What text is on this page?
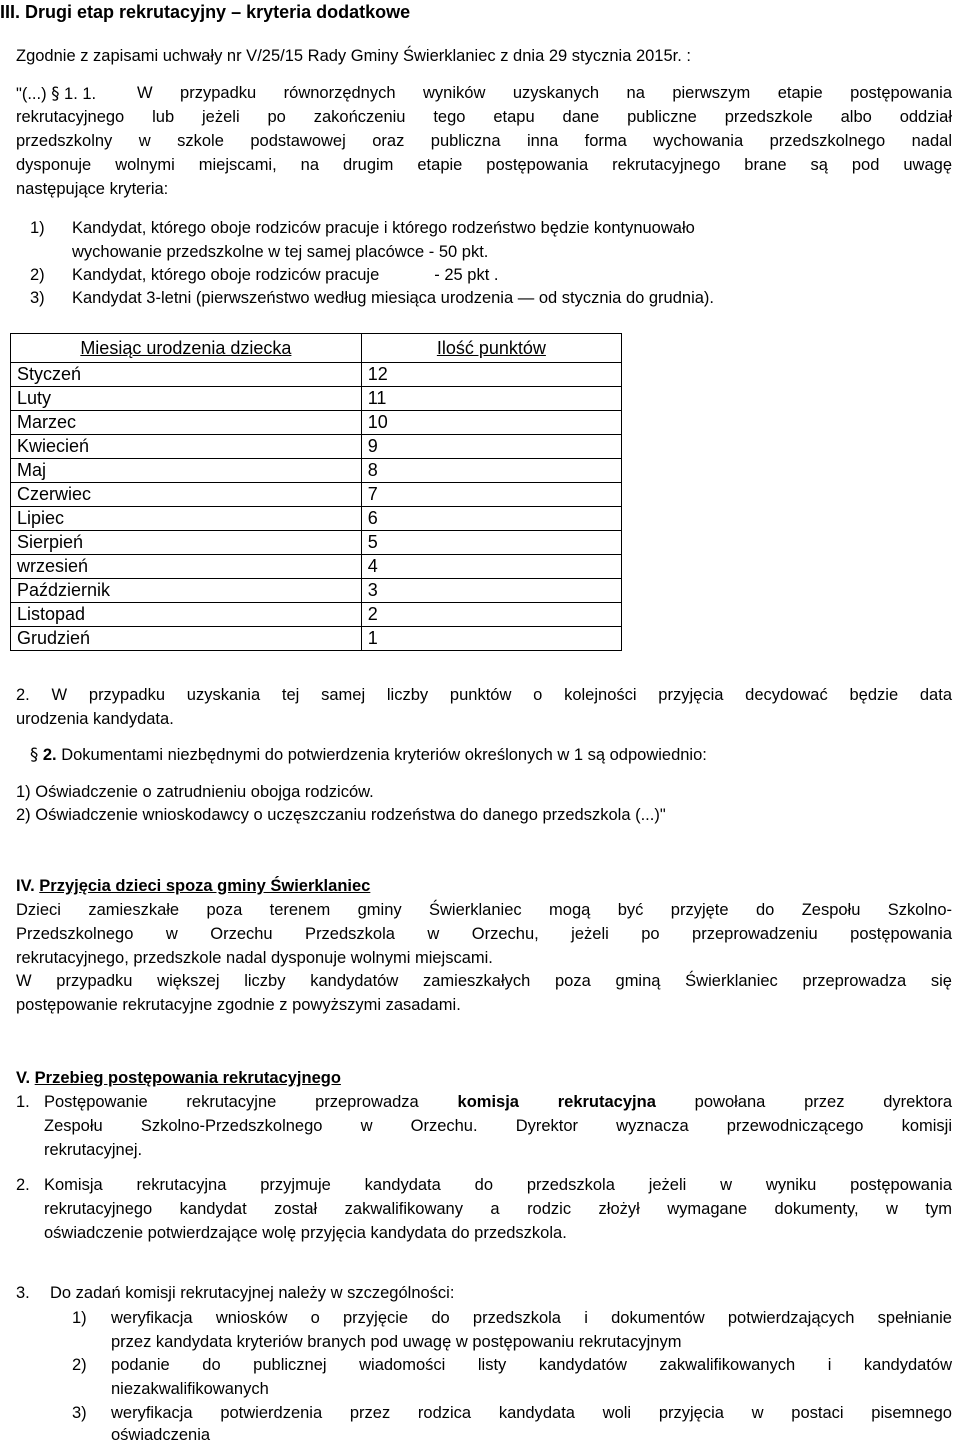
III. Drugi etap rekrutacyjny – kryteria dodatkowe
Zgodnie z zapisami uchwały nr V/25/15 Rady Gminy Świerklaniec z dnia 29 stycznia 2015r. :
"(...) § 1. 1. W przypadku równorzędnych wyników uzyskanych na pierwszym etapie postępowania
rekrutacyjnego lub jeżeli po zakończeniu tego etapu dane publiczne przedszkole albo oddział
przedszkolny w szkole podstawowej oraz publiczna inna forma wychowania przedszkolnego nadal
dysponuje wolnymi miejscami, na drugim etapie postępowania rekrutacyjnego brane są pod uwagę
następujące kryteria:
1) Kandydat, którego oboje rodziców pracuje i którego rodzeństwo będzie kontynuowało
wychowanie przedszkolne w tej samej placówce - 50 pkt.
2) Kandydat, którego oboje rodziców pracuje            - 25 pkt .
3) Kandydat 3-letni (pierwszeństwo według miesiąca urodzenia — od stycznia do grudnia).
Miesiąc urodzenia dziecka	Ilość punktów
Styczeń	12
Luty	11
Marzec	10
Kwiecień	9
Maj	8
Czerwiec	7
Lipiec	6
Sierpień	5
wrzesień	4
Październik	3
Listopad	2
Grudzień	1
2. W przypadku uzyskania tej samej liczby punktów o kolejności przyjęcia decydować będzie data
urodzenia kandydata.
§ 2. Dokumentami niezbędnymi do potwierdzenia kryteriów określonych w 1 są odpowiednio:
1) Oświadczenie o zatrudnieniu obojga rodziców.
2) Oświadczenie wnioskodawcy o uczęszczaniu rodzeństwa do danego przedszkola (...)"
IV. Przyjęcia dzieci spoza gminy Świerklaniec
Dzieci zamieszkałe poza terenem gminy Świerklaniec mogą być przyjęte do Zespołu Szkolno-
Przedszkolnego w Orzechu Przedszkola w Orzechu, jeżeli po przeprowadzeniu postępowania
rekrutacyjnego, przedszkole nadal dysponuje wolnymi miejscami.
W przypadku większej liczby kandydatów zamieszkałych poza gminą Świerklaniec przeprowadza się
postępowanie rekrutacyjne zgodnie z powyższymi zasadami.
V. Przebieg postępowania rekrutacyjnego
1. Postępowanie rekrutacyjne przeprowadza komisja rekrutacyjna powołana przez dyrektora
Zespołu Szkolno-Przedszkolnego w Orzechu. Dyrektor wyznacza przewodniczącego komisji
rekrutacyjnej.
2. Komisja rekrutacyjna przyjmuje kandydata do przedszkola jeżeli w wyniku postępowania
rekrutacyjnego kandydat został zakwalifikowany a rodzic złożył wymagane dokumenty, w tym
oświadczenie potwierdzające wolę przyjęcia kandydata do przedszkola.
3. Do zadań komisji rekrutacyjnej należy w szczególności:
1) weryfikacja wniosków o przyjęcie do przedszkola i dokumentów potwierdzających spełnianie
przez kandydata kryteriów branych pod uwagę w postępowaniu rekrutacyjnym
2) podanie do publicznej wiadomości listy kandydatów zakwalifikowanych i kandydatów
niezakwalifikowanych
3) weryfikacja potwierdzenia przez rodzica kandydata woli przyjęcia w postaci pisemnego
oświadczenia
